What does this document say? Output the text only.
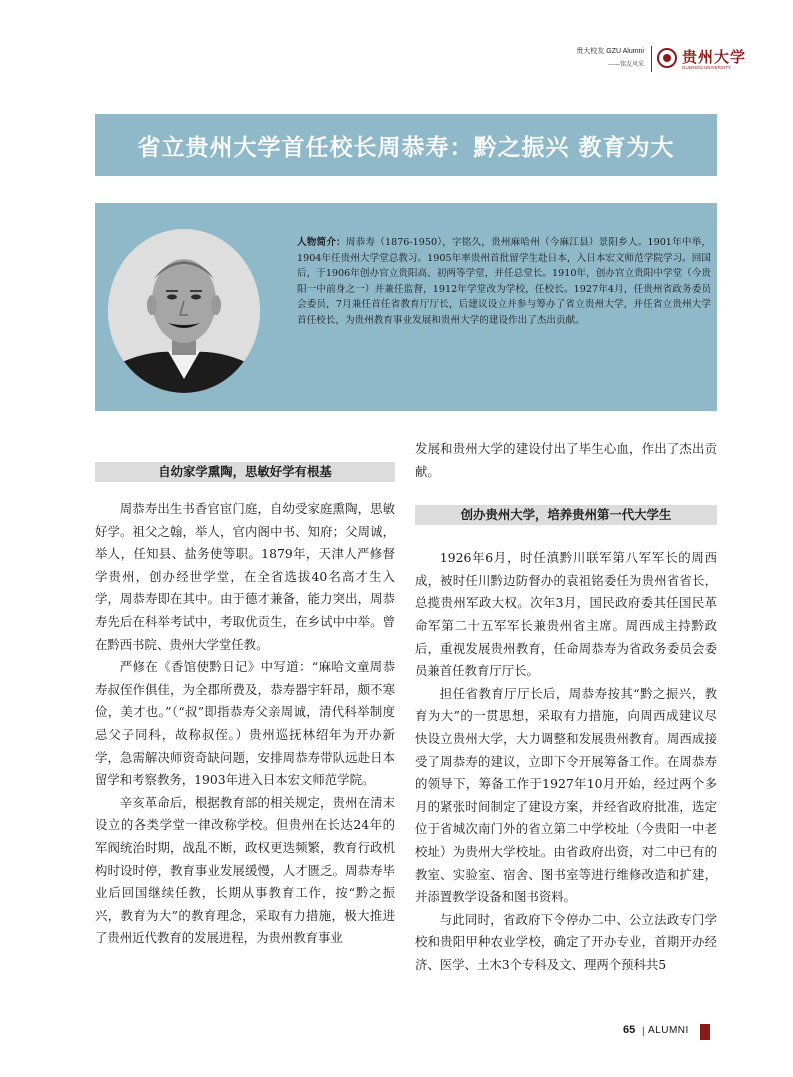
贵大校友 GZU Alumni
——铭友风采	贵州大学
GUIZHOU UNIVERSITY
省立贵州大学首任校长周恭寿：黔之振兴 教育为大
人物简介：周恭寿（1876-1950），字铭久，贵州麻哈州（今麻江县）景阳乡人。1901年中举，1904年任贵州大学堂总教习。1905年率贵州首批留学生赴日本，入日本宏文师范学院学习。回国后，于1906年创办官立贵阳高、初两等学堂，并任总堂长。1910年，创办官立贵阳中学堂（今贵阳一中前身之一）并兼任监督，1912年学堂改为学校，任校长。1927年4月，任贵州省政务委员会委员，7月兼任首任省教育厅厅长，后建议设立并参与筹办了省立贵州大学，并任省立贵州大学首任校长，为贵州教育事业发展和贵州大学的建设作出了杰出贡献。
自幼家学熏陶，思敏好学有根基

周恭寿出生书香官宦门庭，自幼受家庭熏陶，思敏好学。祖父之翰，举人，官内阁中书、知府；父周诚，举人，任知县、盐务使等职。1879年，天津人严修督学贵州，创办经世学堂，在全省选拔40名高才生入学，周恭寿即在其中。由于德才兼备，能力突出，周恭寿先后在科举考试中，考取优贡生，在乡试中中举。曾在黔西书院、贵州大学堂任教。

严修在《香馆使黔日记》中写道：“麻哈文童周恭寿叔侄作俱佳，为全郡所费及，恭寿器宇轩昂，颇不寒俭，美才也。”（“叔”即指恭寿父亲周诚，清代科举制度忌父子同科，故称叔侄。）贵州巡抚林绍年为开办新学，急需解决师资奇缺问题，安排周恭寿带队远赴日本留学和考察教务，1903年进入日本宏文师范学院。

辛亥革命后，根据教育部的相关规定，贵州在清末设立的各类学堂一律改称学校。但贵州在长达24年的军阀统治时期，战乱不断，政权更迭频繁，教育行政机构时设时停，教育事业发展缓慢，人才匮乏。周恭寿毕业后回国继续任教，长期从事教育工作，按“黔之振兴，教育为大”的教育理念，采取有力措施，极大推进了贵州近代教育的发展进程，为贵州教育事业

发展和贵州大学的建设付出了毕生心血，作出了杰出贡献。

创办贵州大学，培养贵州第一代大学生

1926年6月，时任滇黔川联军第八军军长的周西成，被时任川黔边防督办的袁祖铭委任为贵州省省长，总揽贵州军政大权。次年3月，国民政府委其任国民革命军第二十五军军长兼贵州省主席。周西成主持黔政后，重视发展贵州教育，任命周恭寿为省政务委员会委员兼首任教育厅厅长。

担任省教育厅厅长后，周恭寿按其“黔之振兴，教育为大”的一贯思想，采取有力措施，向周西成建议尽快设立贵州大学，大力调整和发展贵州教育。周西成接受了周恭寿的建议，立即下令开展筹备工作。在周恭寿的领导下，筹备工作于1927年10月开始，经过两个多月的紧张时间制定了建设方案，并经省政府批准，选定位于省城次南门外的省立第二中学校址（今贵阳一中老校址）为贵州大学校址。由省政府出资，对二中已有的教室、实验室、宿舍、图书室等进行维修改造和扩建，并添置教学设备和图书资料。

与此同时，省政府下令停办二中、公立法政专门学校和贵阳甲种农业学校，确定了开办专业，首期开办经济、医学、土木3个专科及文、理两个预科共5

65 | ALUMNI
